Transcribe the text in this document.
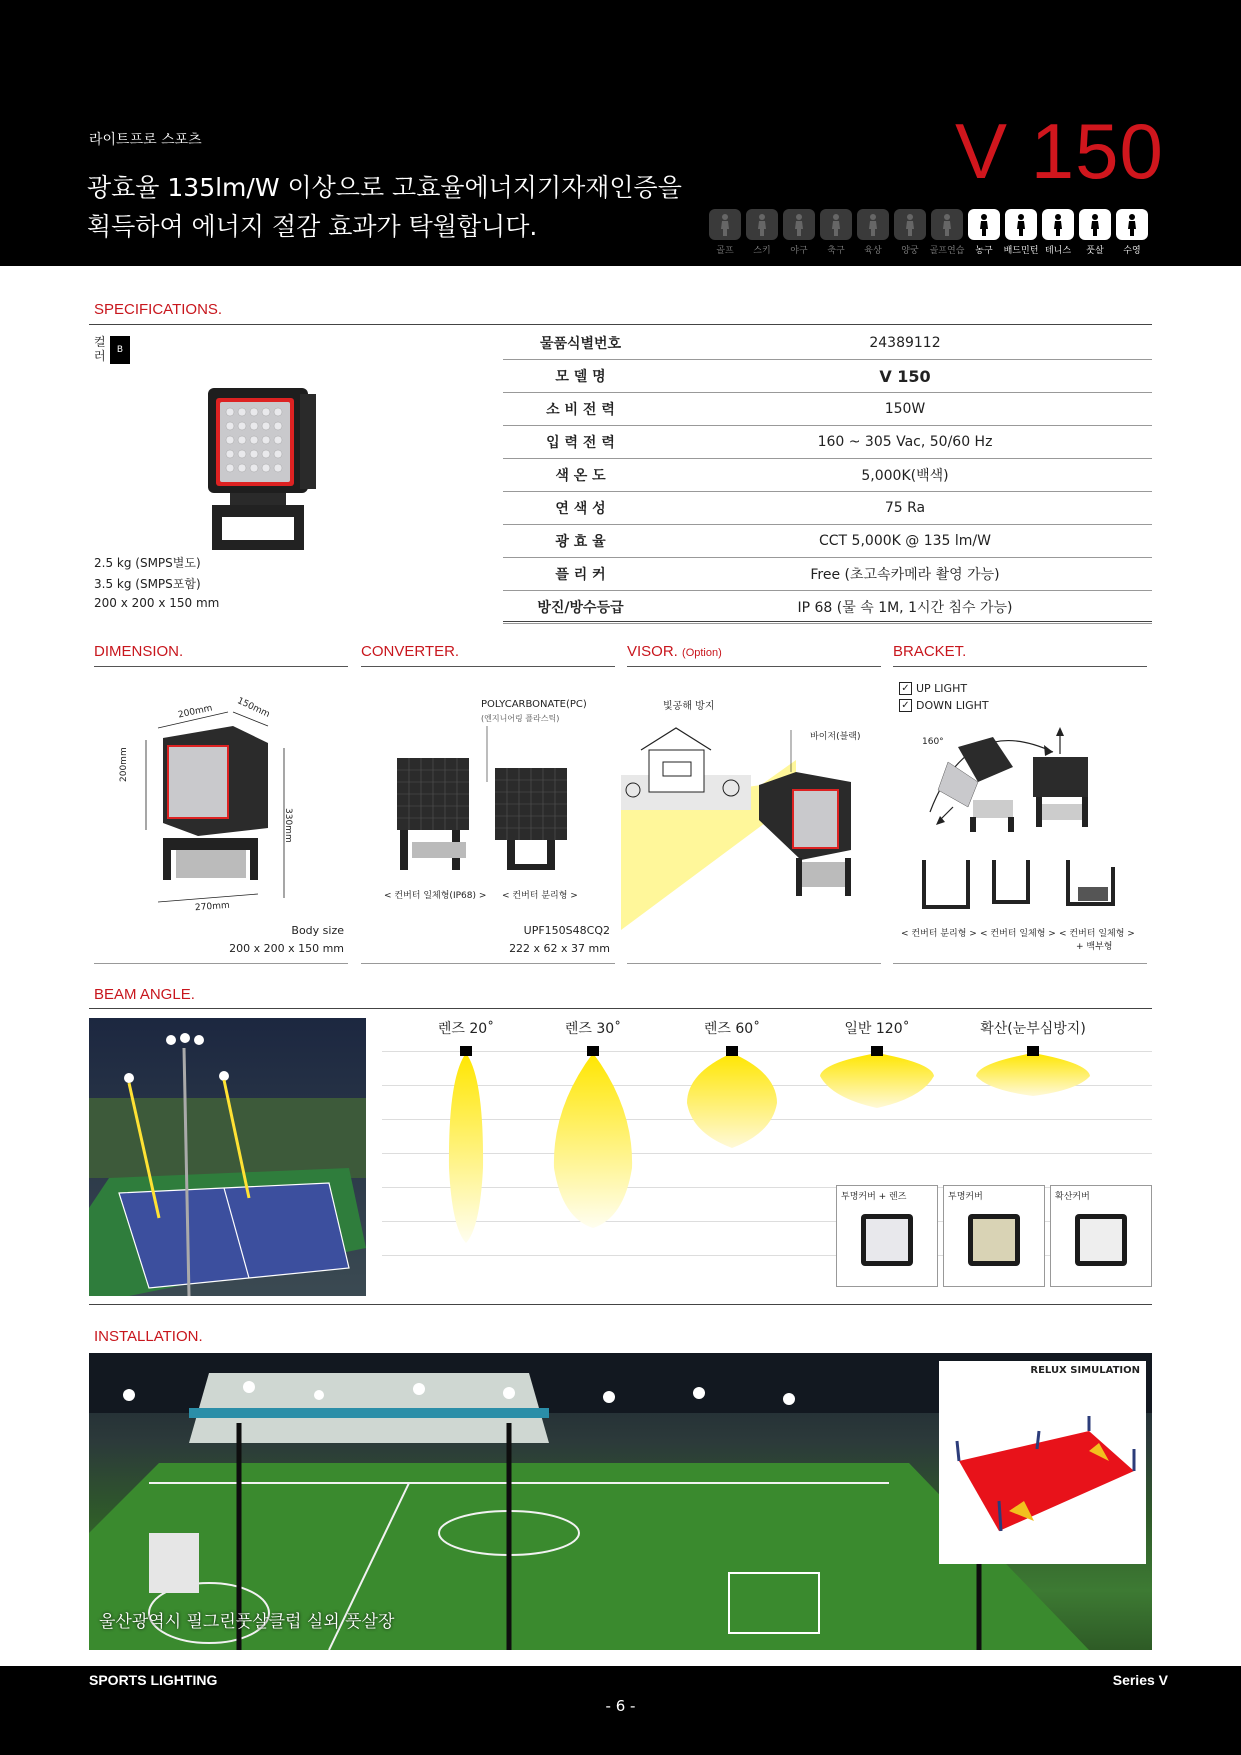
라이트프로 스포츠
광효율 135lm/W 이상으로 고효율에너지기자재인증을
획득하여 에너지 절감 효과가 탁월합니다.
V 150
골프 스키 야구 축구 육상 양궁 골프연습 농구 배드민턴 테니스 풋살 수영
SPECIFICATIONS.
컬러	B
2.5 kg (SMPS별도)
3.5 kg (SMPS포함)
200 x 200 x 150 mm
물품식별번호	24389112
모 델 명	V 150
소 비 전 력	150W
입 력 전 력	160 ~ 305 Vac, 50/60 Hz
색 온 도	5,000K(백색)
연 색 성	75 Ra
광 효 율	CCT 5,000K @ 135 lm/W
플 리 커	Free (초고속카메라 촬영 가능)
방진/방수등급	IP 68 (물 속 1M, 1시간 침수 가능)
DIMENSION.	CONVERTER.	VISOR. (Option)	BRACKET.
200mm 150mm
200mm
330mm
270mm
Body size
200 x 200 x 150 mm
POLYCARBONATE(PC)
(엔지니어링 플라스틱)
< 컨버터 일체형(IP68) > < 컨버터 분리형 >
UPF150S48CQ2
222 x 62 x 37 mm
빛공해 방지
바이저(블랙)
✓ UP LIGHT
✓ DOWN LIGHT
160°
< 컨버터 분리형 > < 컨버터 일체형 > < 컨버터 일체형 >
+ 백부형
BEAM ANGLE.
렌즈 20˚	렌즈 30˚	렌즈 60˚	일반 120˚	확산(눈부심방지)
투명커버 + 렌즈	투명커버	확산커버
INSTALLATION.
RELUX SIMULATION
울산광역시 필그린풋살클럽 실외 풋살장
SPORTS LIGHTING	Series V
- 6 -
